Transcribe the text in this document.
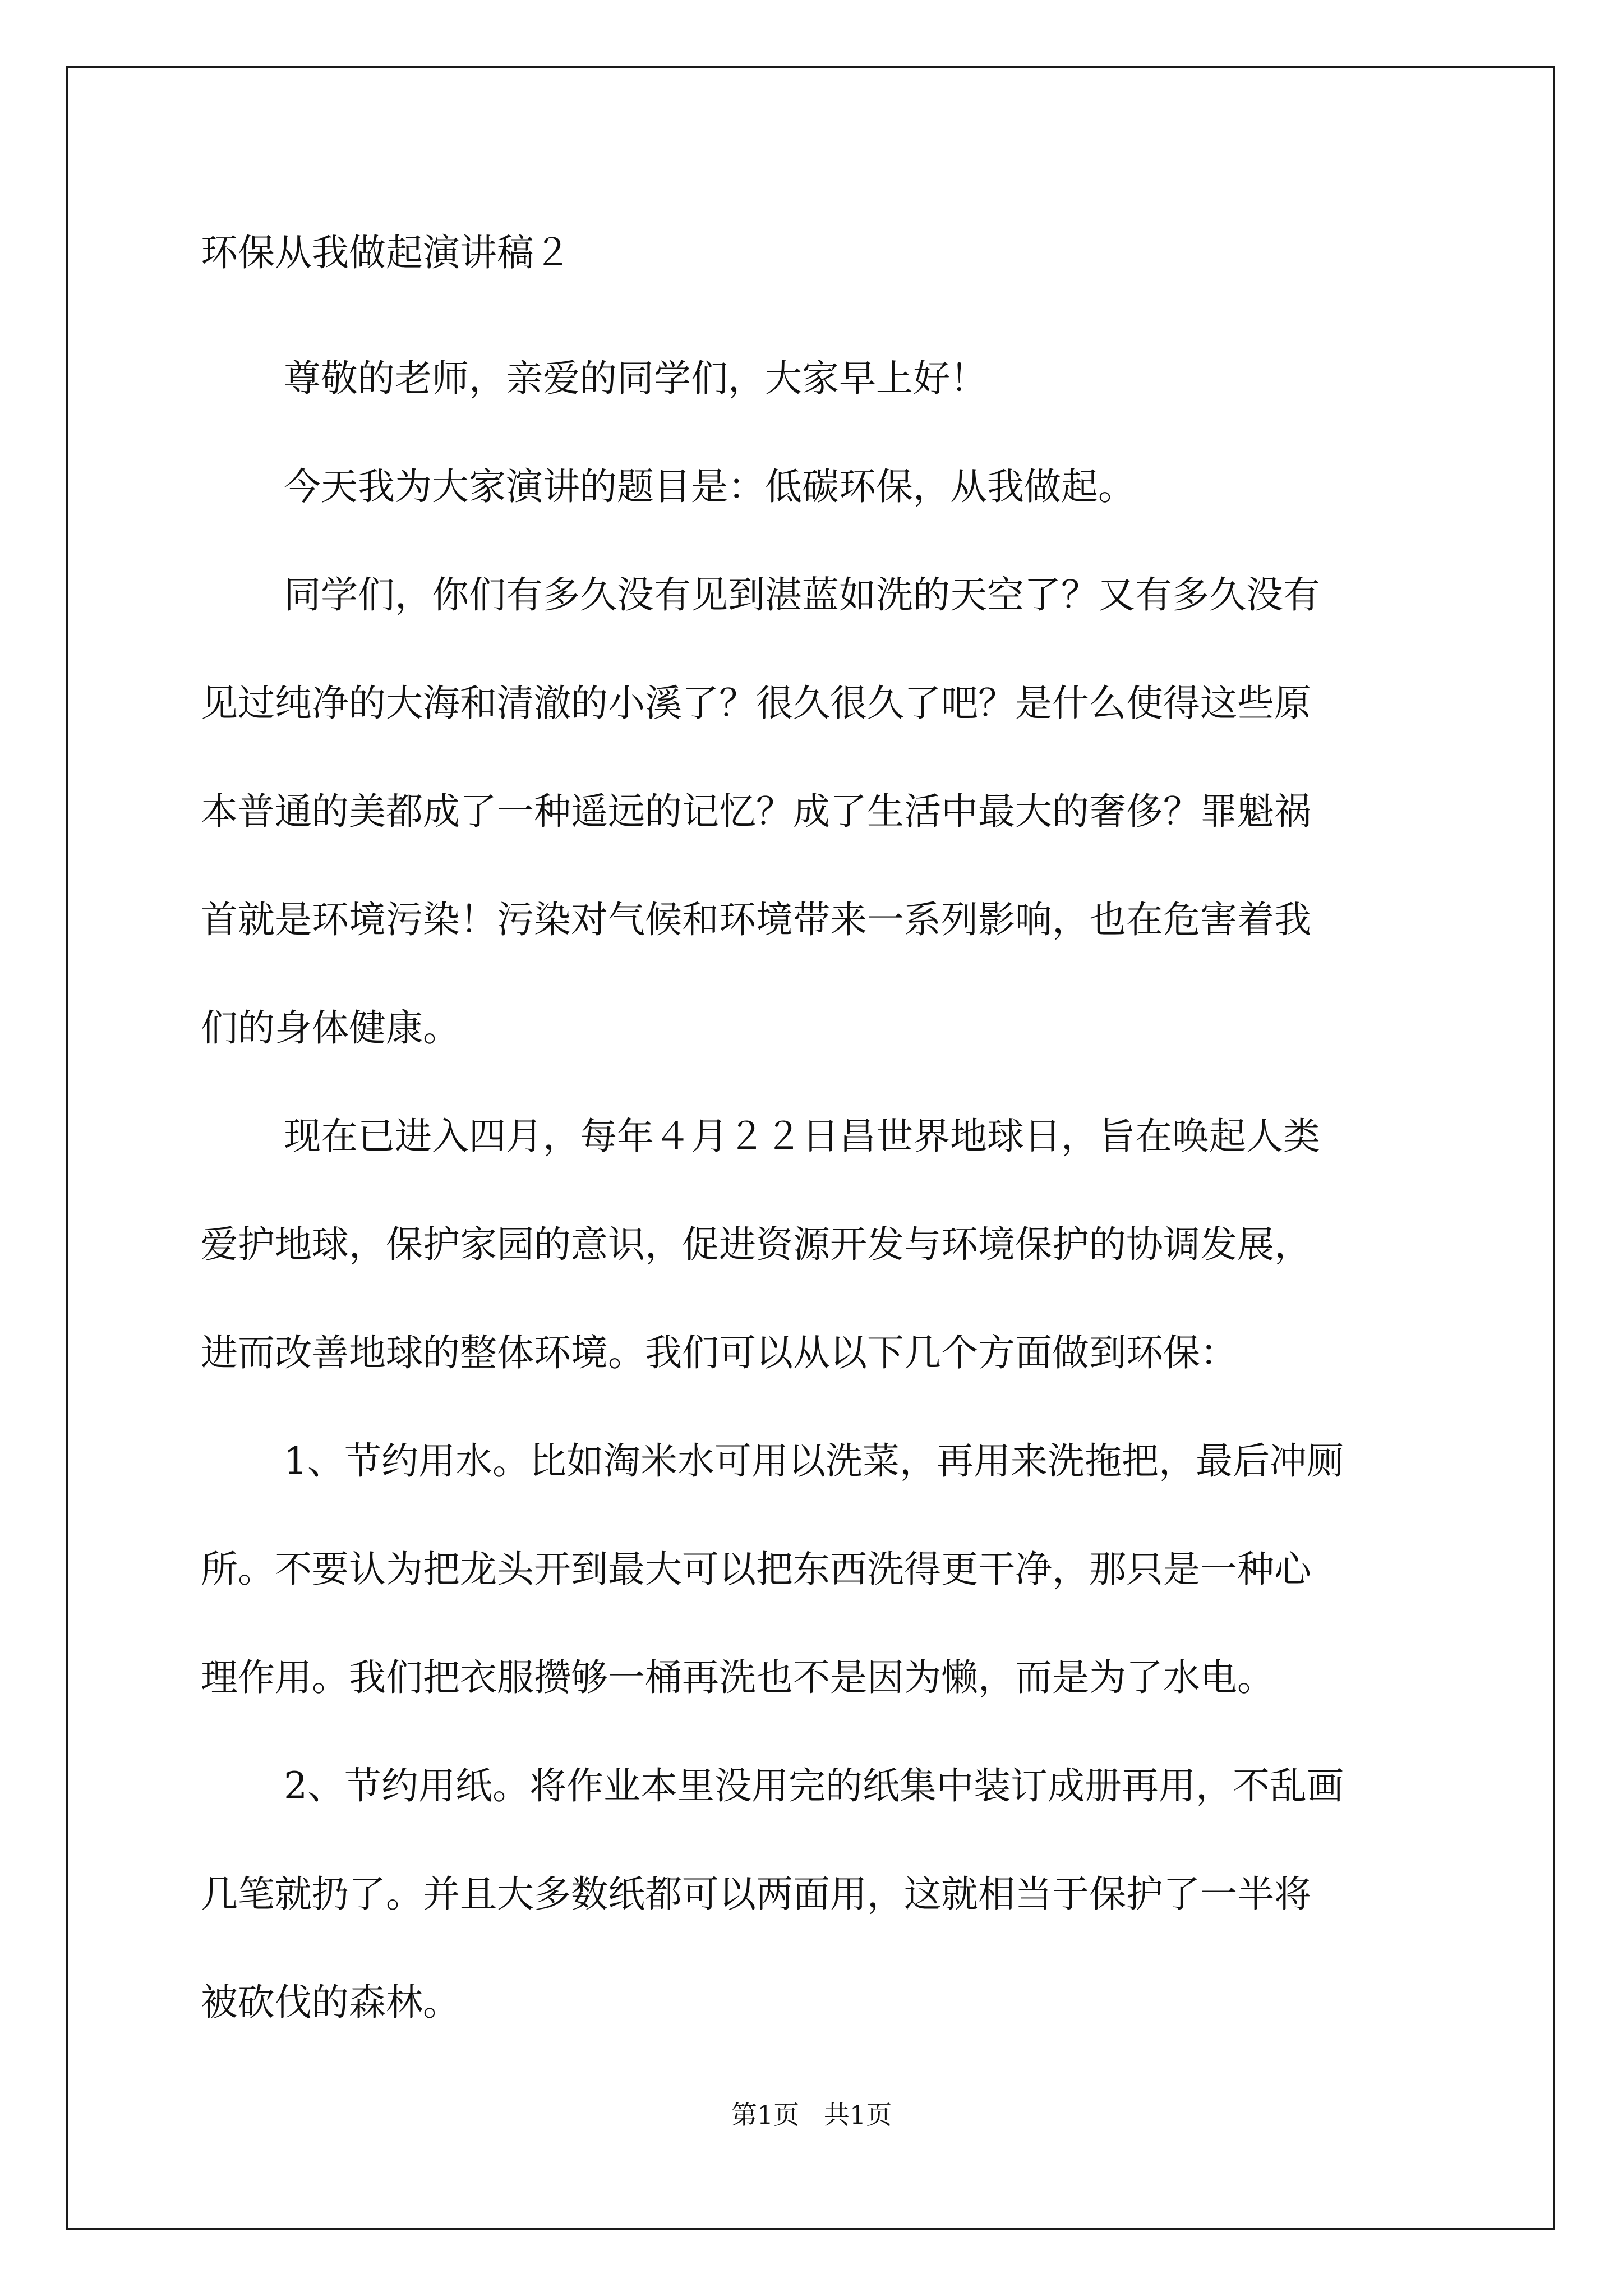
环保从我做起演讲稿２
尊敬的老师，亲爱的同学们，大家早上好！
今天我为大家演讲的题目是：低碳环保，从我做起。
同学们，你们有多久没有见到湛蓝如洗的天空了？又有多久没有
见过纯净的大海和清澈的小溪了？很久很久了吧？是什么使得这些原
本普通的美都成了一种遥远的记忆？成了生活中最大的奢侈？罪魁祸
首就是环境污染！污染对气候和环境带来一系列影响，也在危害着我
们的身体健康。
现在已进入四月，每年４月２２日昌世界地球日，旨在唤起人类
爱护地球，保护家园的意识，促进资源开发与环境保护的协调发展，
进而改善地球的整体环境。我们可以从以下几个方面做到环保：
1、节约用水。比如淘米水可用以洗菜，再用来洗拖把，最后冲厕
所。不要认为把龙头开到最大可以把东西洗得更干净，那只是一种心
理作用。我们把衣服攒够一桶再洗也不是因为懒，而是为了水电。
2、节约用纸。将作业本里没用完的纸集中装订成册再用，不乱画
几笔就扔了。并且大多数纸都可以两面用，这就相当于保护了一半将
被砍伐的森林。
第1页   共1页
